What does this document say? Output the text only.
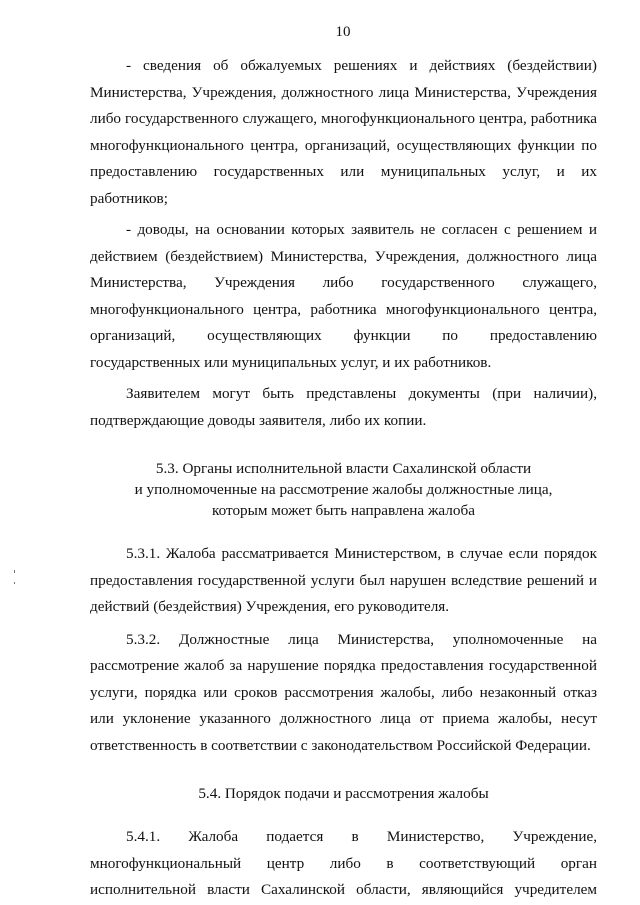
10

- сведения об обжалуемых решениях и действиях (бездействии) Министерства, Учреждения, должностного лица Министерства, Учреждения либо государственного служащего, многофункционального центра, работника многофункционального центра, организаций, осуществляющих функции по предоставлению государственных или муниципальных услуг, и их работников;

- доводы, на основании которых заявитель не согласен с решением и действием (бездействием) Министерства, Учреждения, должностного лица Министерства, Учреждения либо государственного служащего, многофункционального центра, работника многофункционального центра, организаций, осуществляющих функции по предоставлению государственных или муниципальных услуг, и их работников.

Заявителем могут быть представлены документы (при наличии), подтверждающие доводы заявителя, либо их копии.

5.3. Органы исполнительной власти Сахалинской области

и уполномоченные на рассмотрение жалобы должностные лица,

которым может быть направлена жалоба

5.3.1. Жалоба рассматривается Министерством, в случае если порядок предоставления государственной услуги был нарушен вследствие решений и действий (бездействия) Учреждения, его руководителя.

5.3.2. Должностные лица Министерства, уполномоченные на рассмотрение жалоб за нарушение порядка предоставления государственной услуги, порядка или сроков рассмотрения жалобы, либо незаконный отказ или уклонение указанного должностного лица от приема жалобы, несут ответственность в соответствии с законодательством Российской Федерации.

5.4. Порядок подачи и рассмотрения жалобы

5.4.1. Жалоба подается в Министерство, Учреждение, многофункциональный центр либо в соответствующий орган исполнительной власти Сахалинской области, являющийся учредителем
